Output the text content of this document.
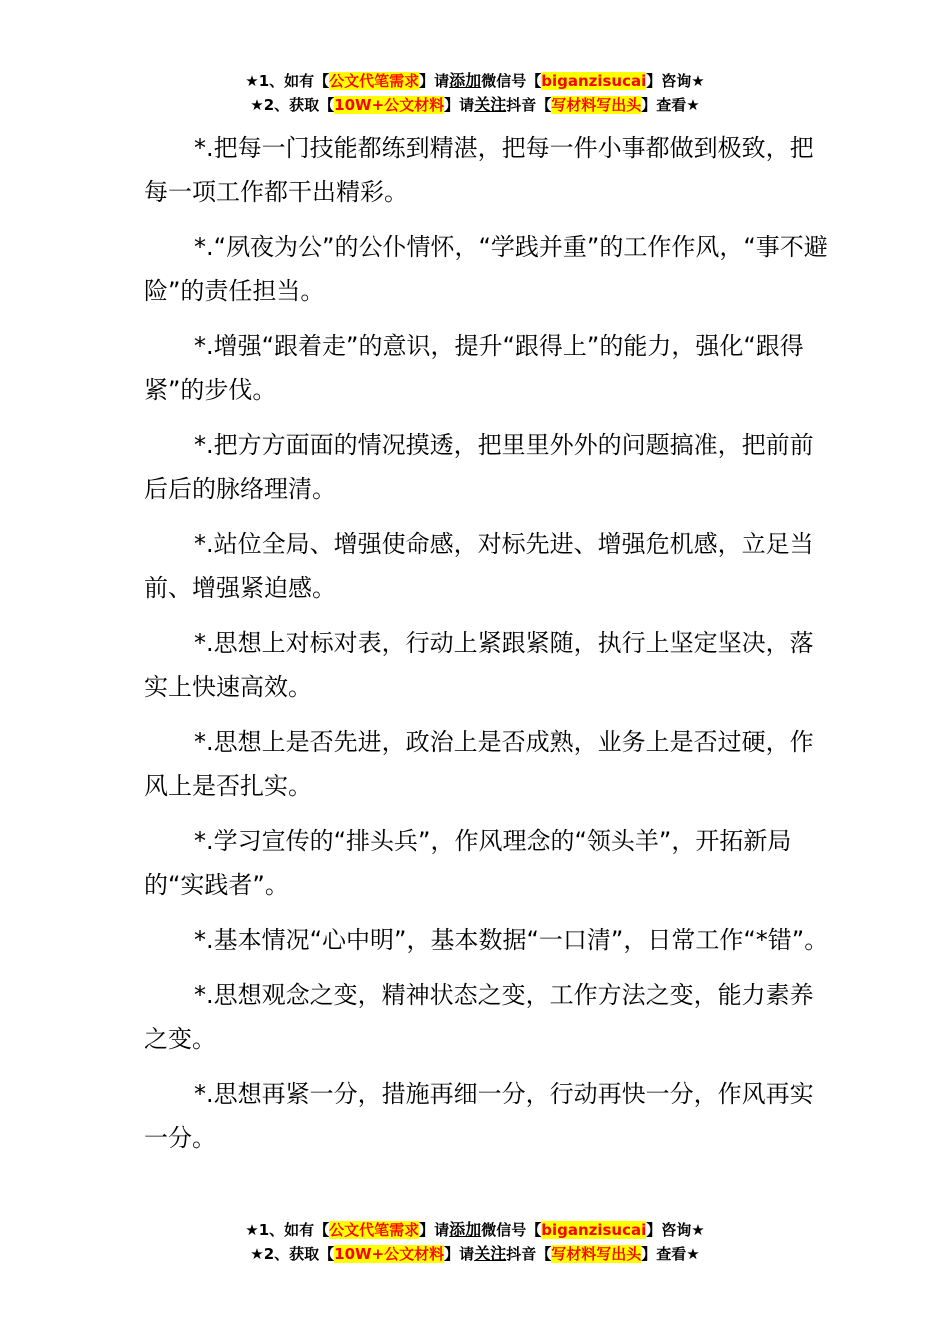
★1、如有【公文代笔需求】请添加微信号【biganzisucai】咨询★
★2、获取【10W+公文材料】请关注抖音【写材料写出头】查看★

*.把每一门技能都练到精湛，把每一件小事都做到极致，把每一项工作都干出精彩。

*.“夙夜为公”的公仆情怀，“学践并重”的工作作风，“事不避险”的责任担当。

*.增强“跟着走”的意识，提升“跟得上”的能力，强化“跟得紧”的步伐。

*.把方方面面的情况摸透，把里里外外的问题搞准，把前前后后的脉络理清。

*.站位全局、增强使命感，对标先进、增强危机感，立足当前、增强紧迫感。

*.思想上对标对表，行动上紧跟紧随，执行上坚定坚决，落实上快速高效。

*.思想上是否先进，政治上是否成熟，业务上是否过硬，作风上是否扎实。

*.学习宣传的“排头兵”，作风理念的“领头羊”，开拓新局的“实践者”。

*.基本情况“心中明”，基本数据“一口清”，日常工作“*错”。

*.思想观念之变，精神状态之变，工作方法之变，能力素养之变。

*.思想再紧一分，措施再细一分，行动再快一分，作风再实一分。

★1、如有【公文代笔需求】请添加微信号【biganzisucai】咨询★
★2、获取【10W+公文材料】请关注抖音【写材料写出头】查看★
